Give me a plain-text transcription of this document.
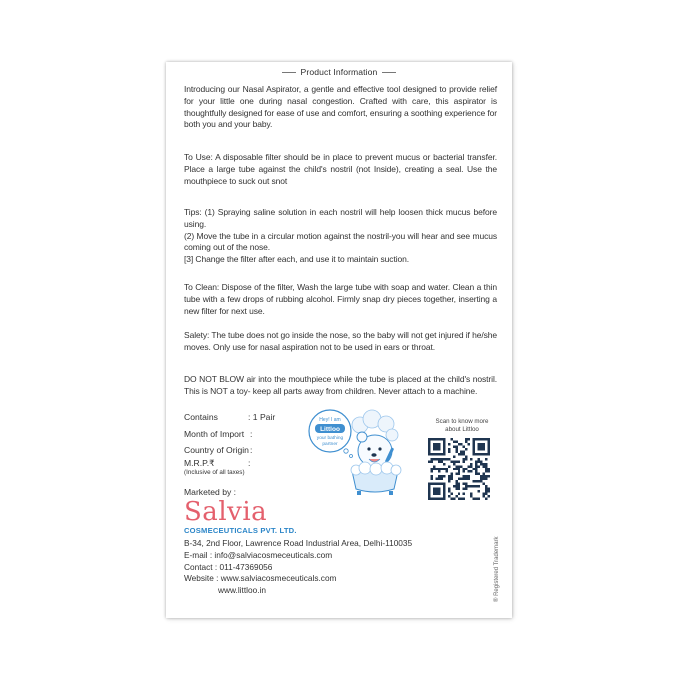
Product Information

Introducing our Nasal Aspirator, a gentle and effective tool designed to provide relief for your little one during nasal congestion. Crafted with care, this aspirator is thoughtfully designed for ease of use and comfort, ensuring a soothing experience for both you and your baby.

To Use: A disposable filter should be in place to prevent mucus or bacterial transfer. Place a large tube against the child's nostril (not Inside), creating a seal. Use the mouthpiece to suck out snot

Tips: (1) Spraying saline solution in each nostril will help loosen thick mucus before using.

(2) Move the tube in a circular motion against the nostril-you will hear and see mucus coming out of the nose.

[3] Change the filter after each, and use it to maintain suction.

To Clean: Dispose of the filter, Wash the large tube with soap and water. Clean a thin tube with a few drops of rubbing alcohol. Firmly snap dry pieces together, inserting a new filter for next use.

Salety: The tube does not go inside the nose, so the baby will not get injured if he/she moves. Only use for nasal aspiration not to be used in ears or throat.

DO NOT BLOW air into the mouthpiece while the tube is placed at the child's nostril. This is NOT a toy- keep all parts away from children. Never attach to a machine.

Contains	: 1 Pair
Month of Import :
Country of Origin :
M.R.P.₹	:
(Inclusive of all taxes)
Hey! I am
Littloo
your bathing
partner
Scan to know more
about Littloo
Marketed by :
Salvia
COSMECEUTICALS PVT. LTD.
B-34, 2nd Floor, Lawrence Road Industrial Area, Delhi-110035
E-mail : info@salviacosmeceuticals.com
Contact : 011-47369056
Website : www.salviacosmeceuticals.com
www.littloo.in	® Registered Trademark
